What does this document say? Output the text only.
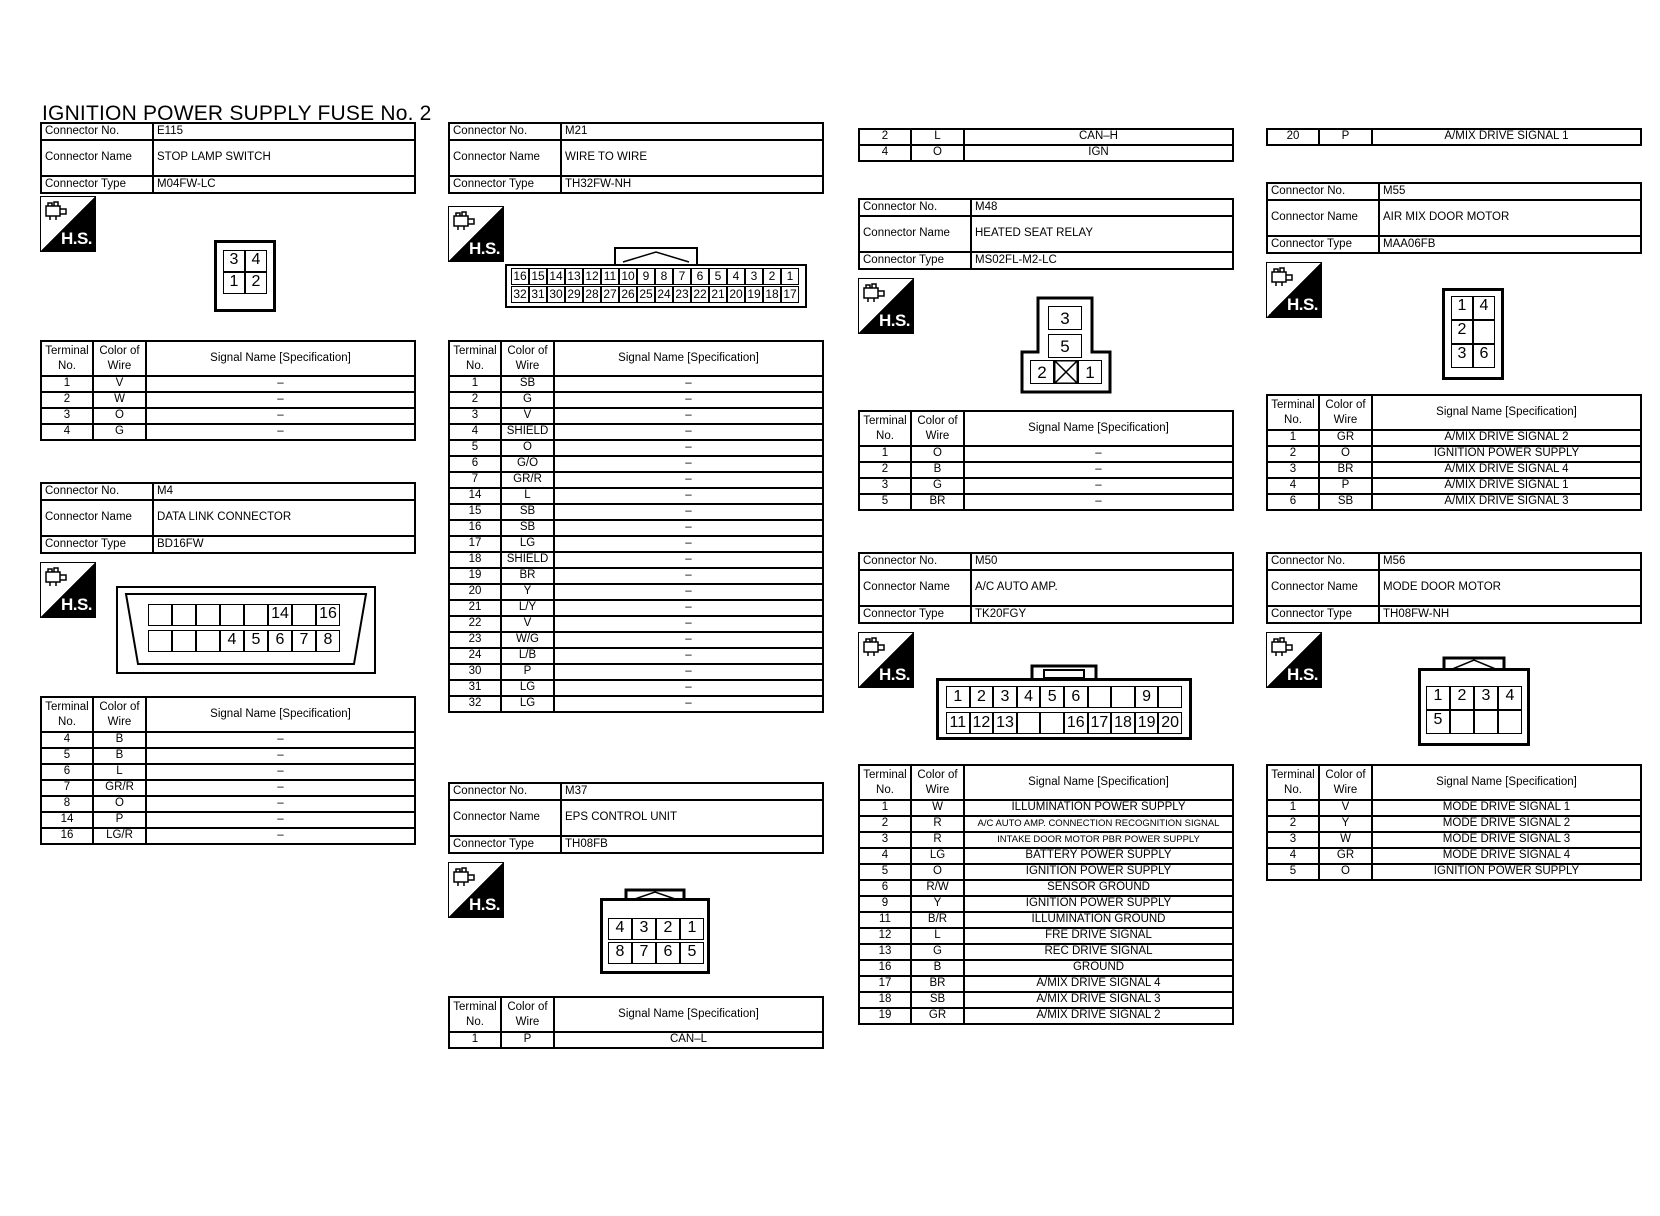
IGNITION POWER SUPPLY FUSE No. 2
Connector No.	E115
Connector Name	STOP LAMP SWITCH
Connector Type	M04FW-LC
H.S.
3 4
1 2
Terminal No.	Color of Wire	Signal Name [Specification]
1	V	–
2	W	–
3	O	–
4	G	–
Connector No.	M4
Connector Name	DATA LINK CONNECTOR
Connector Type	BD16FW
H.S.	14 16
4 5 6 7 8
Terminal No.	Color of Wire	Signal Name [Specification]
4	B	–
5	B	–
6	L	–
7	GR/R	–
8	O	–
14	P	–
16	LG/R	–
Connector No.	M21
Connector Name	WIRE TO WIRE
Connector Type	TH32FW-NH
H.S.
16 15 14 13 12 11 10 9 8 7 6 5 4 3 2 1
32 31 30 29 28 27 26 25 24 23 22 21 20 19 18 17
Terminal No.	Color of Wire	Signal Name [Specification]
1	SB	–
2	G	–
3	V	–
4	SHIELD	–
5	O	–
6	G/O	–
7	GR/R	–
14	L	–
15	SB	–
16	SB	–
17	LG	–
18	SHIELD	–
19	BR	–
20	Y	–
21	L/Y	–
22	V	–
23	W/G	–
24	L/B	–
30	P	–
31	LG	–
32	LG	–
Connector No.	M37
Connector Name	EPS CONTROL UNIT
Connector Type	TH08FB
H.S.
4 3 2 1
8 7 6 5
Terminal No.	Color of Wire	Signal Name [Specification]
1	P	CAN–L
2	L	CAN–H
4	O	IGN
Connector No.	M48
Connector Name	HEATED SEAT RELAY
Connector Type	MS02FL-M2-LC
H.S.	3
5
2	1
Terminal No.	Color of Wire	Signal Name [Specification]
1	O	–
2	B	–
3	G	–
5	BR	–
Connector No.	M50
Connector Name	A/C AUTO AMP.
Connector Type	TK20FGY
H.S.
1 2 3 4 5 6	9
11 12 13	16 17 18 19 20
Terminal No.	Color of Wire	Signal Name [Specification]
1	W	ILLUMINATION POWER SUPPLY
2	R	A/C AUTO AMP. CONNECTION RECOGNITION SIGNAL
3	R	INTAKE DOOR MOTOR PBR POWER SUPPLY
4	LG	BATTERY POWER SUPPLY
5	O	IGNITION POWER SUPPLY
6	R/W	SENSOR GROUND
9	Y	IGNITION POWER SUPPLY
11	B/R	ILLUMINATION GROUND
12	L	FRE DRIVE SIGNAL
13	G	REC DRIVE SIGNAL
16	B	GROUND
17	BR	A/MIX DRIVE SIGNAL 4
18	SB	A/MIX DRIVE SIGNAL 3
19	GR	A/MIX DRIVE SIGNAL 2
20	P	A/MIX DRIVE SIGNAL 1
Connector No.	M55
Connector Name	AIR MIX DOOR MOTOR
Connector Type	MAA06FB
H.S.	1 4
2
3 6
Terminal No.	Color of Wire	Signal Name [Specification]
1	GR	A/MIX DRIVE SIGNAL 2
2	O	IGNITION POWER SUPPLY
3	BR	A/MIX DRIVE SIGNAL 4
4	P	A/MIX DRIVE SIGNAL 1
6	SB	A/MIX DRIVE SIGNAL 3
Connector No.	M56
Connector Name	MODE DOOR MOTOR
Connector Type	TH08FW-NH
H.S.
1 2 3 4
5
Terminal No.	Color of Wire	Signal Name [Specification]
1	V	MODE DRIVE SIGNAL 1
2	Y	MODE DRIVE SIGNAL 2
3	W	MODE DRIVE SIGNAL 3
4	GR	MODE DRIVE SIGNAL 4
5	O	IGNITION POWER SUPPLY
